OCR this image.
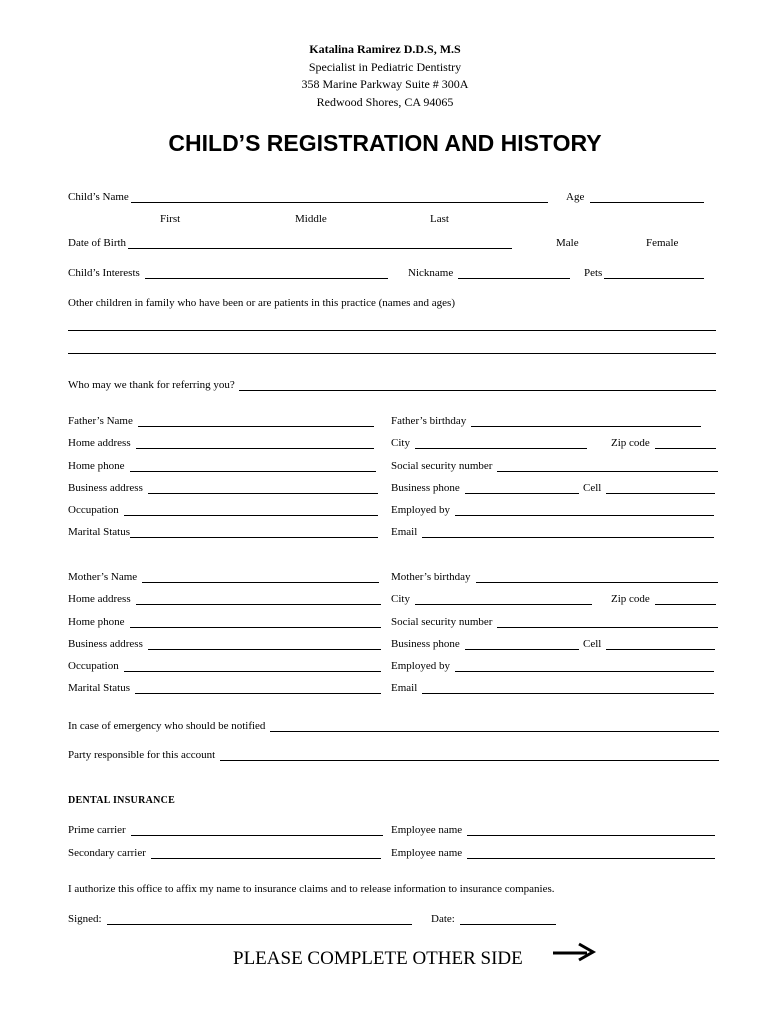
Katalina Ramirez D.D.S, M.S
Specialist in Pediatric Dentistry
358 Marine Parkway Suite # 300A
Redwood Shores, CA 94065
CHILD’S REGISTRATION AND HISTORY
Child’s Name	Age
First	Middle	Last
Date of Birth	Male	Female
Child’s Interests	Nickname	Pets
Other children in family who have been or are patients in this practice (names and ages)
Who may we thank for referring you?
Father’s Name	Father’s birthday
Home address	City	Zip code
Home phone	Social security number
Business address	Business phone	Cell
Occupation	Employed by
Marital Status	Email
Mother’s Name	Mother’s birthday
Home address	City	Zip code
Home phone	Social security number
Business address	Business phone	Cell
Occupation	Employed by
Marital Status	Email
In case of emergency who should be notified
Party responsible for this account
DENTAL INSURANCE
Prime carrier	Employee name
Secondary carrier	Employee name
I authorize this office to affix my name to insurance claims and to release information to insurance companies.
Signed:	Date:
PLEASE COMPLETE OTHER SIDE
